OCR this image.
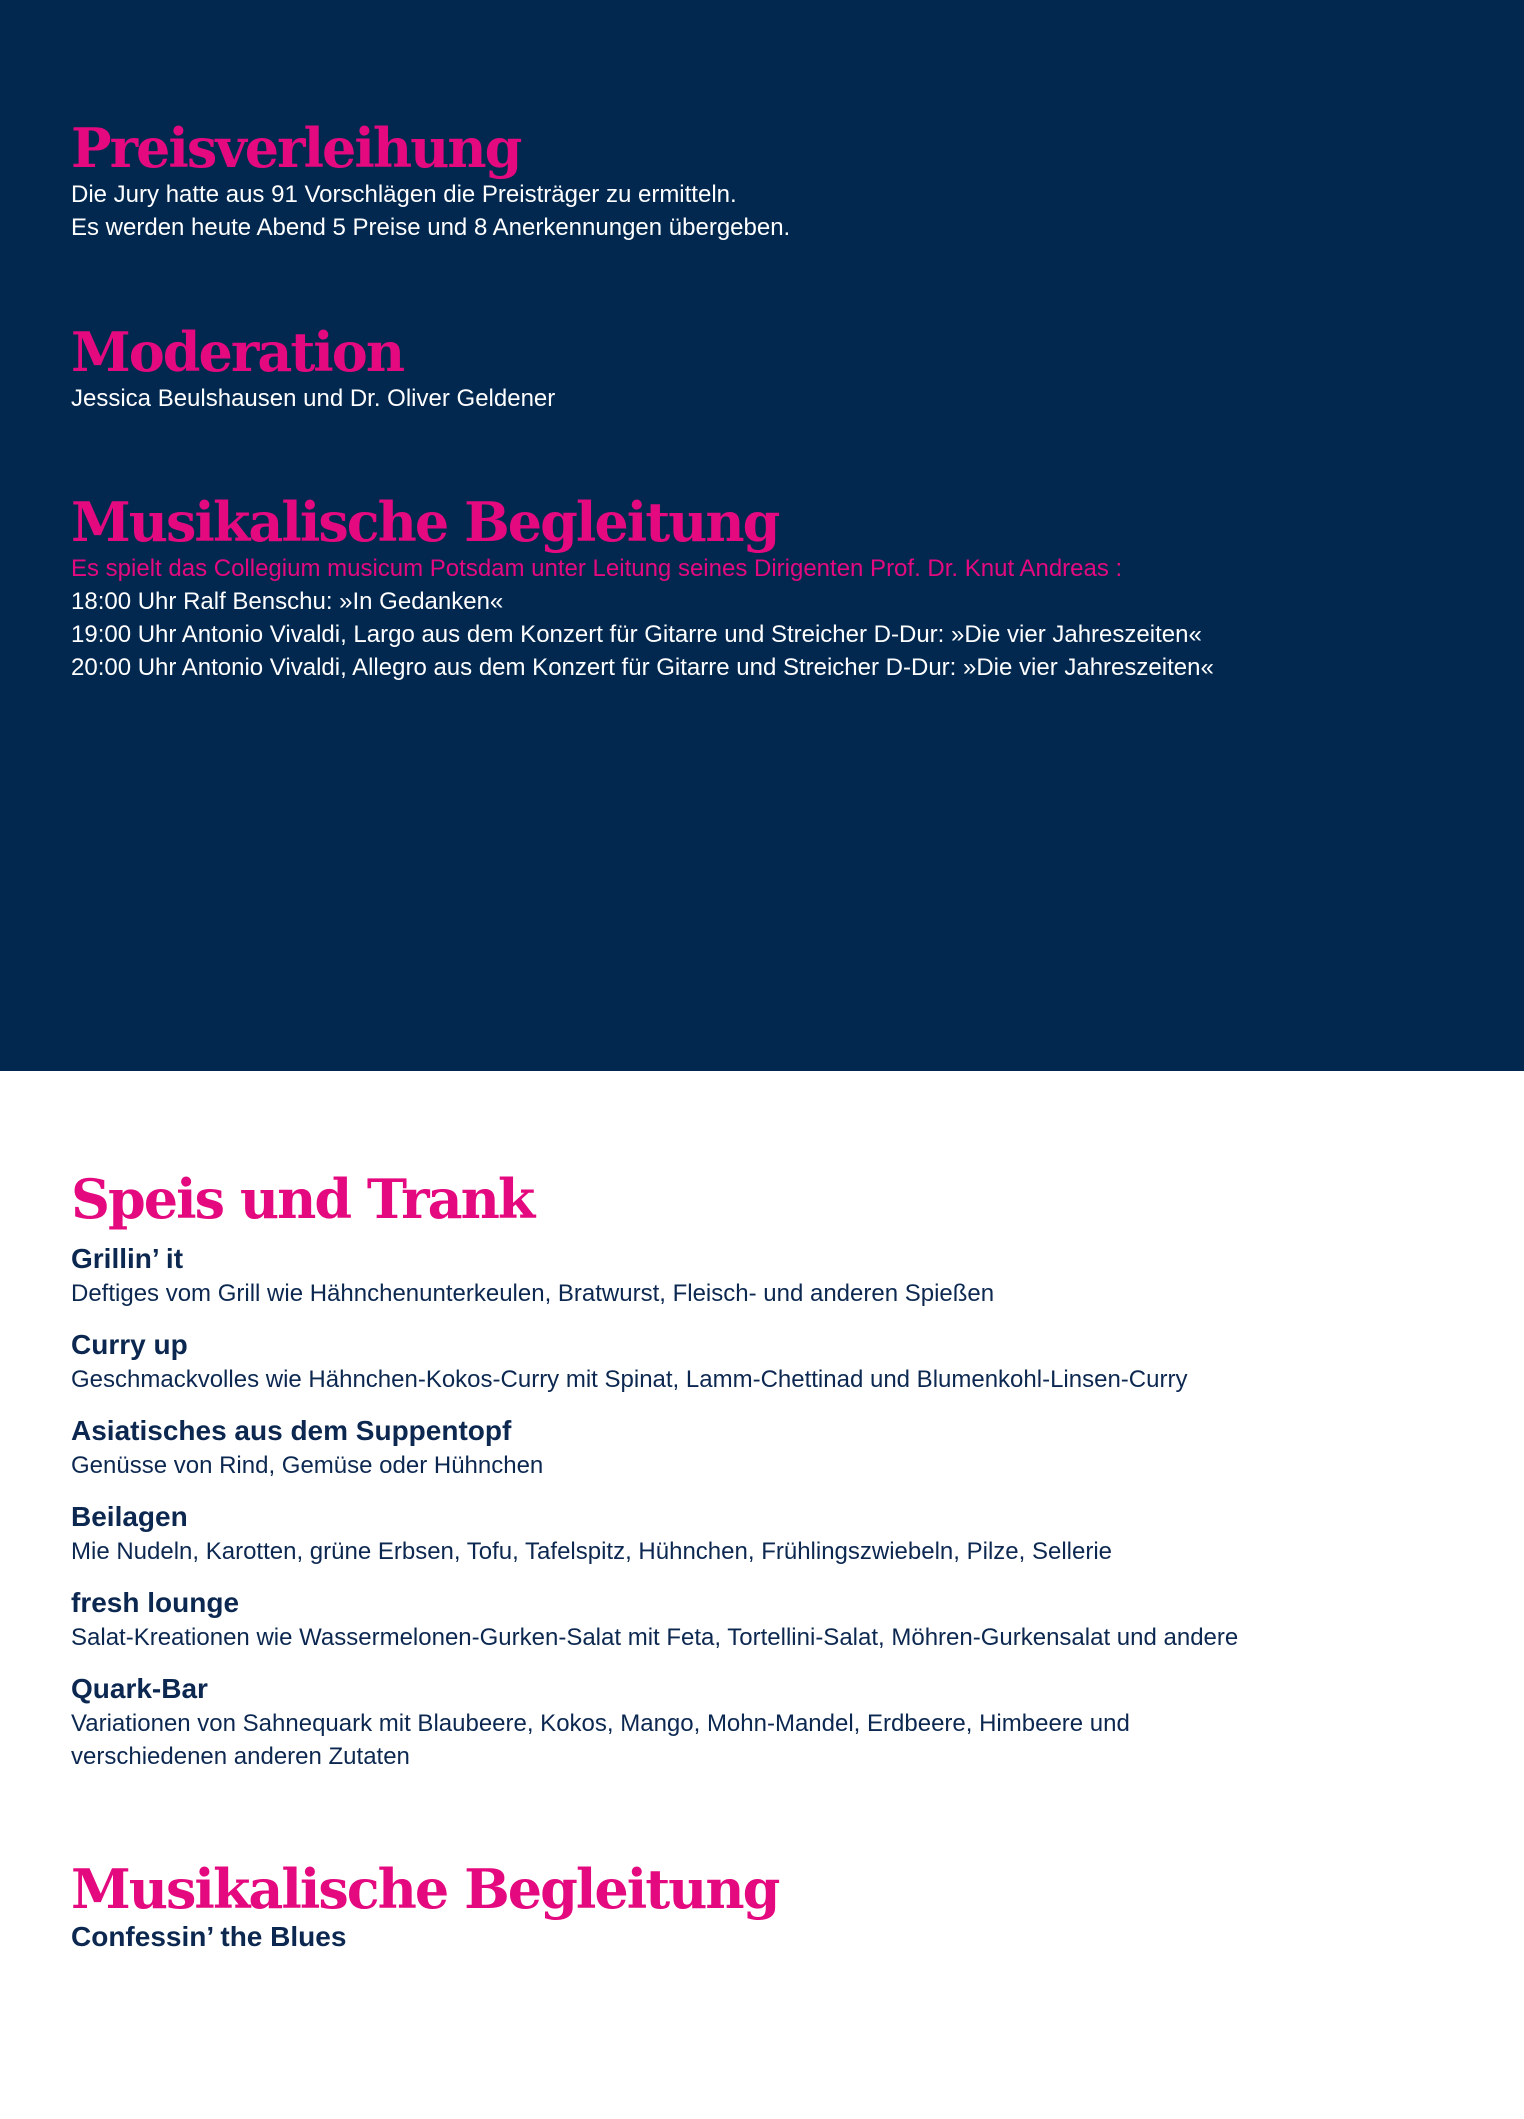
Preisverleihung

Die Jury hatte aus 91 Vorschlägen die Preisträger zu ermitteln.

Es werden heute Abend 5 Preise und 8 Anerkennungen übergeben.

Moderation

Jessica Beulshausen und Dr. Oliver Geldener

Musikalische Begleitung

Es spielt das Collegium musicum Potsdam unter Leitung seines Dirigenten Prof. Dr. Knut Andreas :

18:00 Uhr Ralf Benschu: »In Gedanken«

19:00 Uhr Antonio Vivaldi, Largo aus dem Konzert für Gitarre und Streicher D-Dur: »Die vier Jahreszeiten«

20:00 Uhr Antonio Vivaldi, Allegro aus dem Konzert für Gitarre und Streicher D-Dur: »Die vier Jahreszeiten«

Speis und Trank

Grillin’ it

Deftiges vom Grill wie Hähnchenunterkeulen, Bratwurst, Fleisch- und anderen Spießen

Curry up

Geschmackvolles wie Hähnchen-Kokos-Curry mit Spinat, Lamm-Chettinad und Blumenkohl-Linsen-Curry

Asiatisches aus dem Suppentopf

Genüsse von Rind, Gemüse oder Hühnchen

Beilagen

Mie Nudeln, Karotten, grüne Erbsen, Tofu, Tafelspitz, Hühnchen, Frühlingszwiebeln, Pilze, Sellerie

fresh lounge

Salat-Kreationen wie Wassermelonen-Gurken-Salat mit Feta, Tortellini-Salat, Möhren-Gurkensalat und andere

Quark-Bar

Variationen von Sahnequark mit Blaubeere, Kokos, Mango, Mohn-Mandel, Erdbeere, Himbeere und

verschiedenen anderen Zutaten

Musikalische Begleitung

Confessin’ the Blues
